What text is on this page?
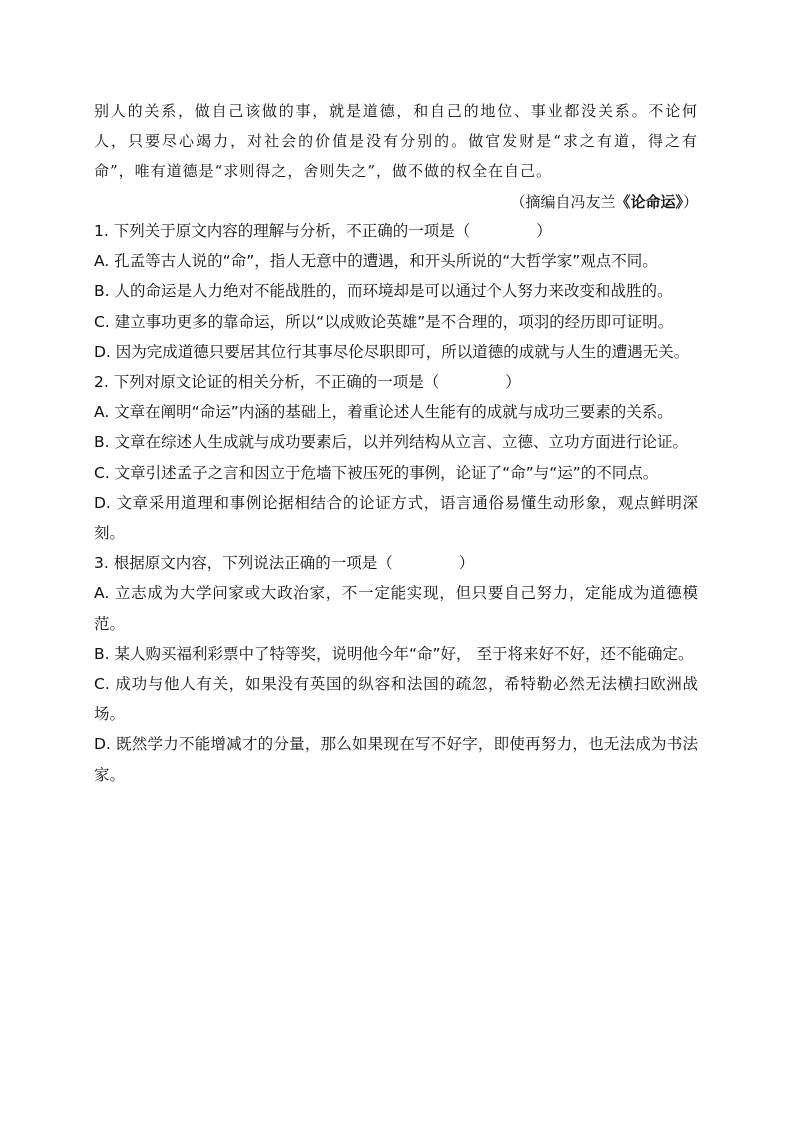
别人的关系，做自己该做的事，就是道德，和自己的地位、事业都没关系。不论何
人，只要尽心竭力，对社会的价值是没有分别的。做官发财是“求之有道，得之有
命”，唯有道德是“求则得之，舍则失之”，做不做的权全在自己。

（摘编自冯友兰《论命运》）

1. 下列关于原文内容的理解与分析，不正确的一项是（	）

A. 孔孟等古人说的“命”，指人无意中的遭遇，和开头所说的“大哲学家”观点不同。

B. 人的命运是人力绝对不能战胜的，而环境却是可以通过个人努力来改变和战胜的。

C. 建立事功更多的靠命运，所以“以成败论英雄”是不合理的，项羽的经历即可证明。

D. 因为完成道德只要居其位行其事尽伦尽职即可，所以道德的成就与人生的遭遇无关。

2. 下列对原文论证的相关分析，不正确的一项是（	）

A. 文章在阐明“命运”内涵的基础上，着重论述人生能有的成就与成功三要素的关系。

B. 文章在综述人生成就与成功要素后，以并列结构从立言、立德、立功方面进行论证。

C. 文章引述孟子之言和因立于危墙下被压死的事例，论证了“命”与“运”的不同点。

D. 文章采用道理和事例论据相结合的论证方式，语言通俗易懂生动形象，观点鲜明深刻。

3. 根据原文内容，下列说法正确的一项是（	）

A. 立志成为大学问家或大政治家，不一定能实现，但只要自己努力，定能成为道德模范。

B. 某人购买福利彩票中了特等奖，说明他今年“命”好， 至于将来好不好，还不能确定。

C. 成功与他人有关，如果没有英国的纵容和法国的疏忽，希特勒必然无法横扫欧洲战场。

D. 既然学力不能增减才的分量，那么如果现在写不好字，即使再努力，也无法成为书法家。
